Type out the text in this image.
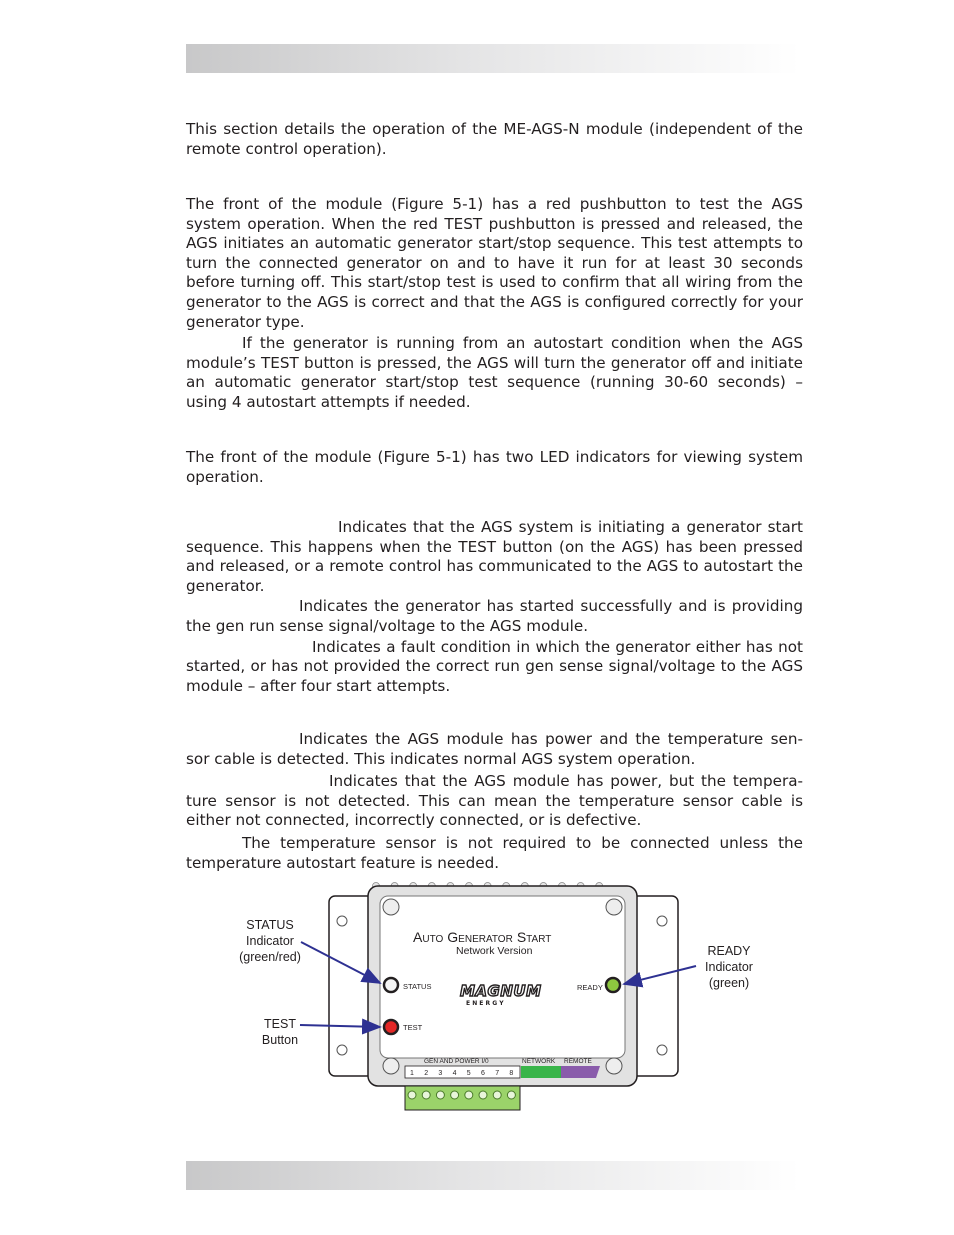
This section details the operation of the ME-AGS-N module (independent of the remote control operation).

The front of the module (Figure 5-1) has a red pushbutton to test the AGS system operation. When the red TEST pushbutton is pressed and released, the AGS initiates an automatic generator start/stop sequence. This test attempts to turn the connected generator on and to have it run for at least 30 seconds before turning off. This start/stop test is used to confirm that all wiring from the generator to the AGS is correct and that the AGS is configured correctly for your generator type.

If the generator is running from an autostart condition when the AGS module’s TEST button is pressed, the AGS will turn the generator off and initiate an automatic generator start/stop test sequence (running 30-60 seconds) – using 4 autostart attempts if needed.

The front of the module (Figure 5-1) has two LED indicators for viewing system operation.

Indicates that the AGS system is initiating a generator start sequence. This happens when the TEST button (on the AGS) has been pressed and released, or a remote control has communicated to the AGS to autostart the generator.

Indicates the generator has started successfully and is providing the gen run sense signal/voltage to the AGS module.

Indicates a fault condition in which the generator either has not started, or has not provided the correct run gen sense signal/voltage to the AGS module – after four start attempts.

Indicates the AGS module has power and the temperature sen-sor cable is detected. This indicates normal AGS system operation.

Indicates that the AGS module has power, but the tempera-ture sensor is not detected. This can mean the temperature sensor cable is either not connected, incorrectly connected, or is defective.

The temperature sensor is not required to be connected unless the temperature autostart feature is needed.

STATUS
Indicator
(green/red)
TEST
Button
READY
Indicator
(green)
AUTO GENERATOR START
Network Version
STATUS
TEST
READY
MAGNUM
E N E R G Y
GEN AND POWER I/0	NETWORK REMOTE
1 2 3 4 5 6 7 8
